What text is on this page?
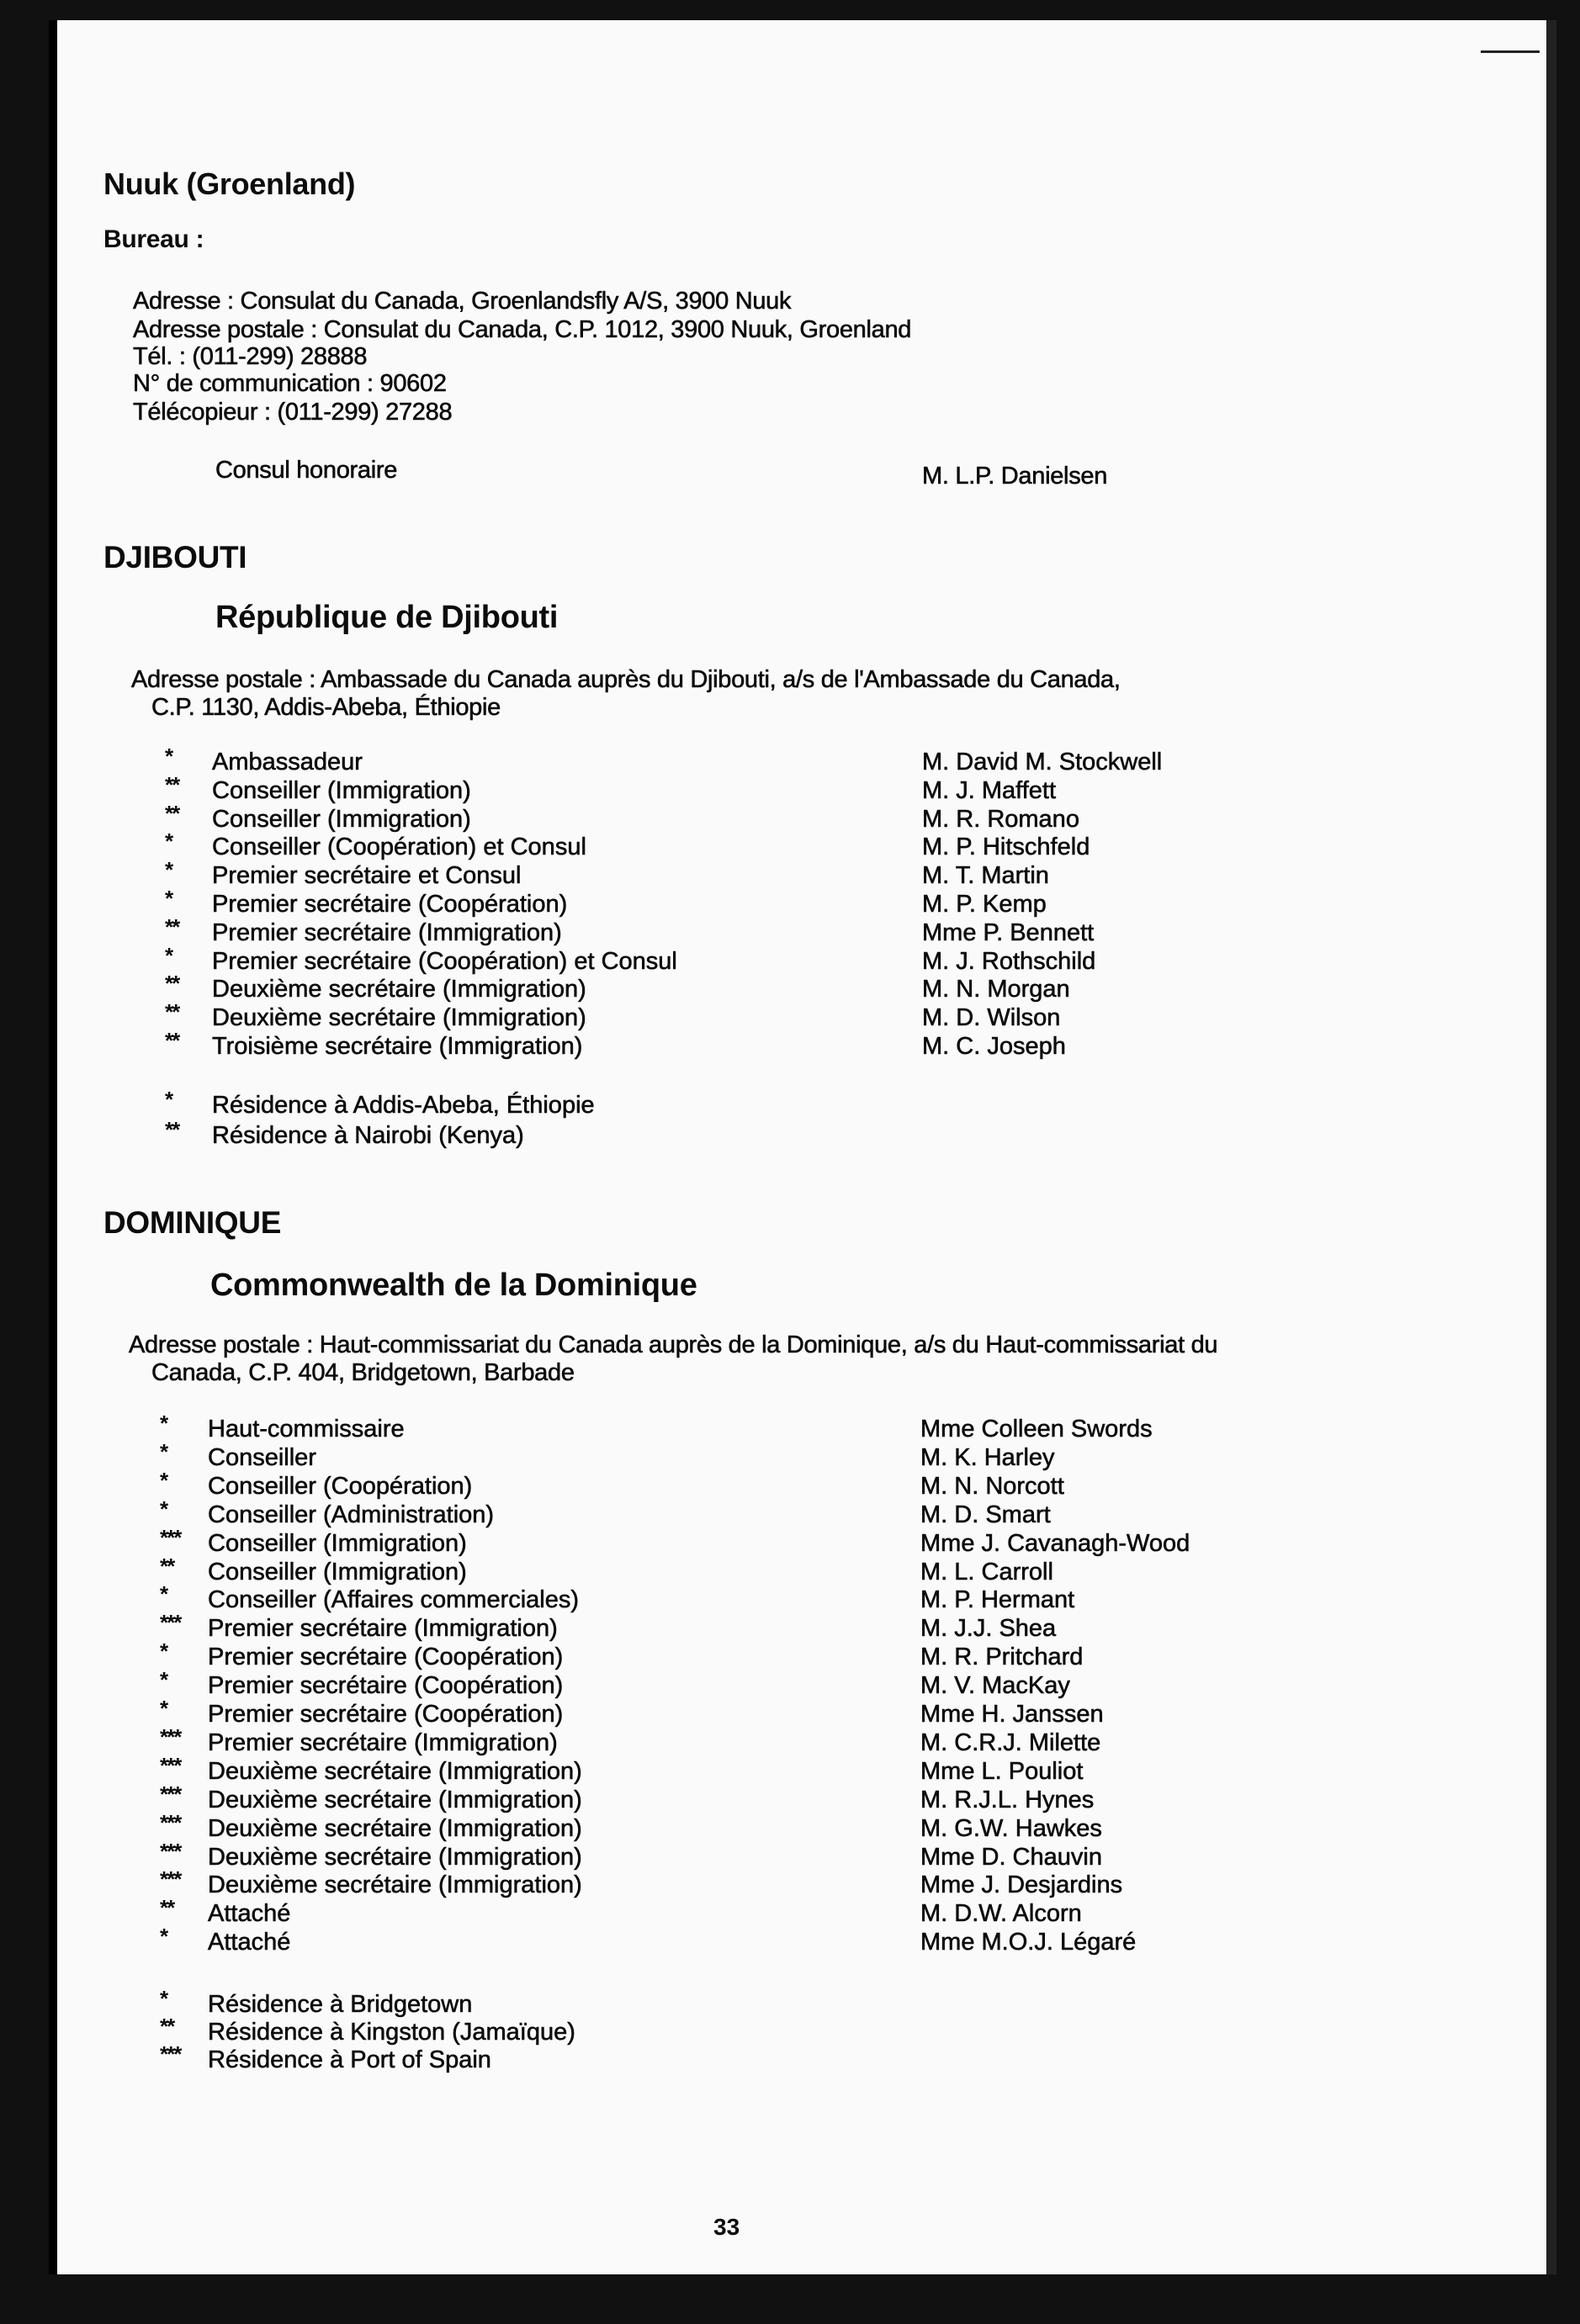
Nuuk (Groenland)
Bureau :
Adresse : Consulat du Canada, Groenlandsfly A/S, 3900 Nuuk
Adresse postale : Consulat du Canada, C.P. 1012, 3900 Nuuk, Groenland
Tél. : (011-299) 28888
N° de communication : 90602
Télécopieur : (011-299) 27288
Consul honoraire	M. L.P. Danielsen
DJIBOUTI
République de Djibouti
Adresse postale : Ambassade du Canada auprès du Djibouti, a/s de l'Ambassade du Canada,
C.P. 1130, Addis-Abeba, Éthiopie
DOMINIQUE
Commonwealth de la Dominique
Adresse postale : Haut-commissariat du Canada auprès de la Dominique, a/s du Haut-commissariat du
Canada, C.P. 404, Bridgetown, Barbade
33
* Ambassadeur	M. David M. Stockwell
** Conseiller (Immigration)	M. J. Maffett
** Conseiller (Immigration)	M. R. Romano
* Conseiller (Coopération) et Consul	M. P. Hitschfeld
* Premier secrétaire et Consul	M. T. Martin
* Premier secrétaire (Coopération)	M. P. Kemp
** Premier secrétaire (Immigration)	Mme P. Bennett
* Premier secrétaire (Coopération) et Consul	M. J. Rothschild
** Deuxième secrétaire (Immigration)	M. N. Morgan
** Deuxième secrétaire (Immigration)	M. D. Wilson
** Troisième secrétaire (Immigration)	M. C. Joseph
* Résidence à Addis-Abeba, Éthiopie
** Résidence à Nairobi (Kenya)
* Haut-commissaire	Mme Colleen Swords
* Conseiller	M. K. Harley
* Conseiller (Coopération)	M. N. Norcott
* Conseiller (Administration)	M. D. Smart
*** Conseiller (Immigration)	Mme J. Cavanagh-Wood
** Conseiller (Immigration)	M. L. Carroll
* Conseiller (Affaires commerciales)	M. P. Hermant
*** Premier secrétaire (Immigration)	M. J.J. Shea
* Premier secrétaire (Coopération)	M. R. Pritchard
* Premier secrétaire (Coopération)	M. V. MacKay
* Premier secrétaire (Coopération)	Mme H. Janssen
*** Premier secrétaire (Immigration)	M. C.R.J. Milette
*** Deuxième secrétaire (Immigration)	Mme L. Pouliot
*** Deuxième secrétaire (Immigration)	M. R.J.L. Hynes
*** Deuxième secrétaire (Immigration)	M. G.W. Hawkes
*** Deuxième secrétaire (Immigration)	Mme D. Chauvin
*** Deuxième secrétaire (Immigration)	Mme J. Desjardins
** Attaché	M. D.W. Alcorn
* Attaché	Mme M.O.J. Légaré
* Résidence à Bridgetown
** Résidence à Kingston (Jamaïque)
*** Résidence à Port of Spain
